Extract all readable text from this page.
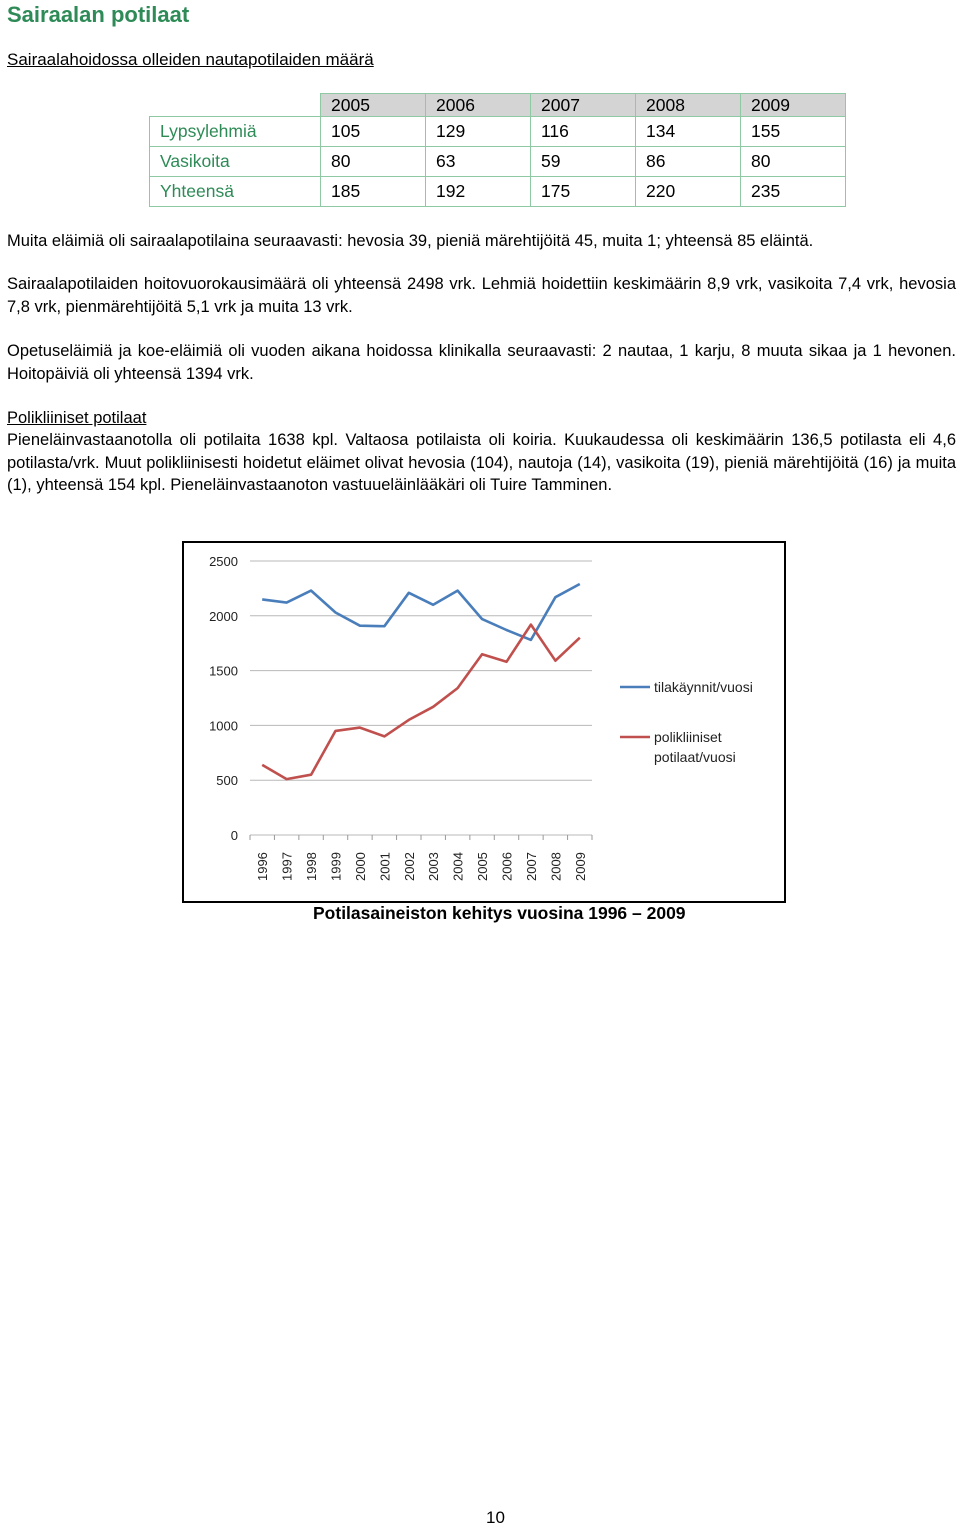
Sairaalan potilaat
Sairaalahoidossa olleiden nautapotilaiden määrä
	2005	2006	2007	2008	2009
Lypsylehmiä	105	129	116	134	155
Vasikoita	80	63	59	86	80
Yhteensä	185	192	175	220	235

Muita eläimiä oli sairaalapotilaina seuraavasti: hevosia 39, pieniä märehtijöitä 45, muita 1; yhteensä 85 eläintä.

Sairaalapotilaiden hoitovuorokausimäärä oli yhteensä 2498 vrk. Lehmiä hoidettiin keskimäärin 8,9 vrk, vasikoita 7,4 vrk, hevosia 7,8 vrk, pienmärehtijöitä 5,1 vrk ja muita 13 vrk.

Opetuseläimiä ja koe-eläimiä oli vuoden aikana hoidossa klinikalla seuraavasti: 2 nautaa, 1 karju, 8 muuta sikaa ja 1 hevonen. Hoitopäiviä oli yhteensä 1394 vrk.

Polikliiniset potilaat

Pieneläinvastaanotolla oli potilaita 1638 kpl. Valtaosa potilaista oli koiria. Kuukaudessa oli keskimäärin 136,5 potilasta eli 4,6 potilasta/vrk. Muut polikliinisesti hoidetut eläimet olivat hevosia (104), nautoja (14), vasikoita (19), pieniä märehtijöitä (16) ja muita (1), yhteensä 154 kpl. Pieneläinvastaanoton vastuueläinlääkäri oli Tuire Tamminen.

0
500
1000
1500
2000
2500
1996 1997 1998 1999 2000 2001 2002 2003 2004 2005 2006 2007 2008 2009
tilakäynnit/vuosi
polikliiniset
potilaat/vuosi
Potilasaineiston kehitys vuosina 1996 – 2009
10
